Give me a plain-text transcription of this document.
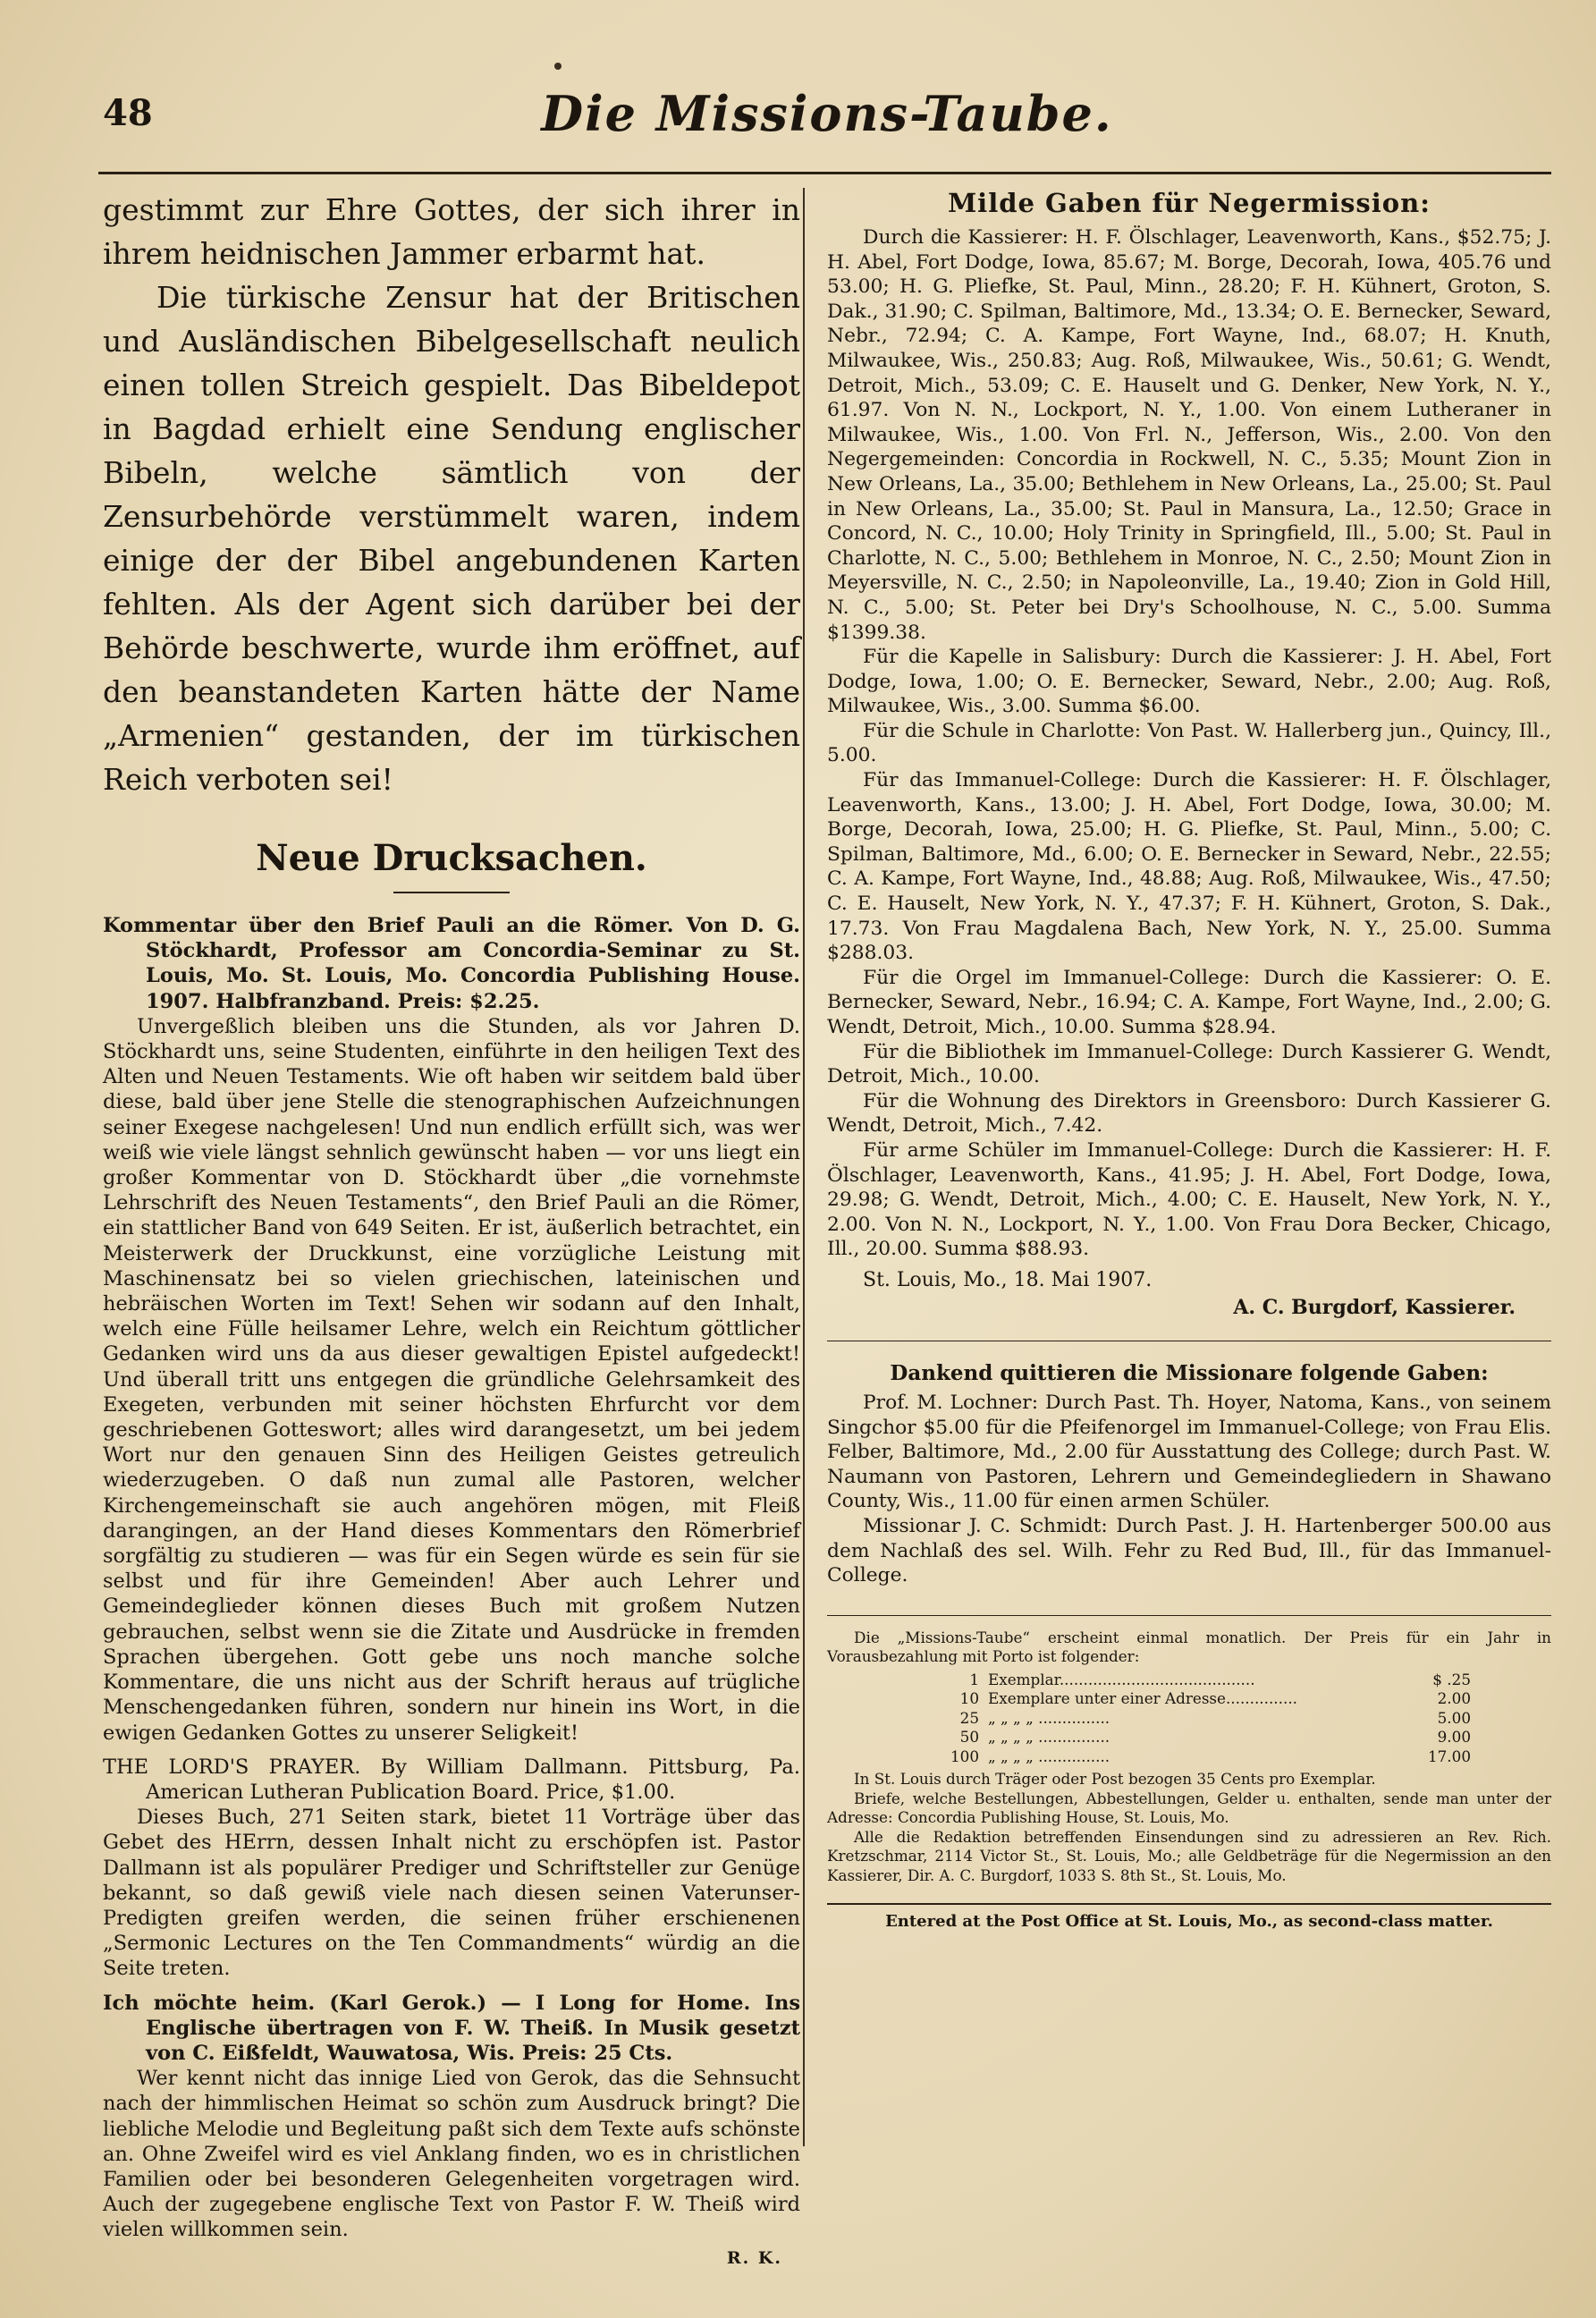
48	Die Missions-Taube.

gestimmt zur Ehre Gottes, der sich ihrer in ihrem heidnischen Jammer erbarmt hat.

Die türkische Zensur hat der Britischen und Ausländischen Bibelgesellschaft neulich einen tollen Streich gespielt. Das Bibeldepot in Bagdad erhielt eine Sendung englischer Bibeln, welche sämtlich von der Zensurbehörde verstümmelt waren, indem einige der der Bibel angebundenen Karten fehlten. Als der Agent sich darüber bei der Behörde beschwerte, wurde ihm eröffnet, auf den beanstandeten Karten hätte der Name „Armenien“ gestanden, der im türkischen Reich verboten sei!

Neue Drucksachen.

Kommentar über den Brief Pauli an die Römer. Von D. G. Stöckhardt, Professor am Concordia-Seminar zu St. Louis, Mo. St. Louis, Mo. Concordia Publishing House. 1907. Halbfranzband. Preis: $2.25.

Unvergeßlich bleiben uns die Stunden, als vor Jahren D. Stöckhardt uns, seine Studenten, einführte in den heiligen Text des Alten und Neuen Testaments. Wie oft haben wir seitdem bald über diese, bald über jene Stelle die stenographischen Aufzeichnungen seiner Exegese nachgelesen! Und nun endlich erfüllt sich, was wer weiß wie viele längst sehnlich gewünscht haben — vor uns liegt ein großer Kommentar von D. Stöckhardt über „die vornehmste Lehrschrift des Neuen Testaments“, den Brief Pauli an die Römer, ein stattlicher Band von 649 Seiten. Er ist, äußerlich betrachtet, ein Meisterwerk der Druckkunst, eine vorzügliche Leistung mit Maschinensatz bei so vielen griechischen, lateinischen und hebräischen Worten im Text! Sehen wir sodann auf den Inhalt, welch eine Fülle heilsamer Lehre, welch ein Reichtum göttlicher Gedanken wird uns da aus dieser gewaltigen Epistel aufgedeckt! Und überall tritt uns entgegen die gründliche Gelehrsamkeit des Exegeten, verbunden mit seiner höchsten Ehrfurcht vor dem geschriebenen Gotteswort; alles wird darangesetzt, um bei jedem Wort nur den genauen Sinn des Heiligen Geistes getreulich wiederzugeben. O daß nun zumal alle Pastoren, welcher Kirchengemeinschaft sie auch angehören mögen, mit Fleiß darangingen, an der Hand dieses Kommentars den Römerbrief sorgfältig zu studieren — was für ein Segen würde es sein für sie selbst und für ihre Gemeinden! Aber auch Lehrer und Gemeindeglieder können dieses Buch mit großem Nutzen gebrauchen, selbst wenn sie die Zitate und Ausdrücke in fremden Sprachen übergehen. Gott gebe uns noch manche solche Kommentare, die uns nicht aus der Schrift heraus auf trügliche Menschengedanken führen, sondern nur hinein ins Wort, in die ewigen Gedanken Gottes zu unserer Seligkeit!

THE LORD'S PRAYER. By William Dallmann. Pittsburg, Pa. American Lutheran Publication Board. Price, $1.00.

Dieses Buch, 271 Seiten stark, bietet 11 Vorträge über das Gebet des HErrn, dessen Inhalt nicht zu erschöpfen ist. Pastor Dallmann ist als populärer Prediger und Schriftsteller zur Genüge bekannt, so daß gewiß viele nach diesen seinen Vaterunser-Predigten greifen werden, die seinen früher erschienenen „Sermonic Lectures on the Ten Commandments“ würdig an die Seite treten.

Ich möchte heim. (Karl Gerok.) — I Long for Home. Ins Englische übertragen von F. W. Theiß. In Musik gesetzt von C. Eißfeldt, Wauwatosa, Wis. Preis: 25 Cts.

Wer kennt nicht das innige Lied von Gerok, das die Sehnsucht nach der himmlischen Heimat so schön zum Ausdruck bringt? Die liebliche Melodie und Begleitung paßt sich dem Texte aufs schönste an. Ohne Zweifel wird es viel Anklang finden, wo es in christlichen Familien oder bei besonderen Gelegenheiten vorgetragen wird. Auch der zugegebene englische Text von Pastor F. W. Theiß wird vielen willkommen sein.

R. K.
Milde Gaben für Negermission:

Durch die Kassierer: H. F. Ölschlager, Leavenworth, Kans., $52.75; J. H. Abel, Fort Dodge, Iowa, 85.67; M. Borge, Decorah, Iowa, 405.76 und 53.00; H. G. Pliefke, St. Paul, Minn., 28.20; F. H. Kühnert, Groton, S. Dak., 31.90; C. Spilman, Baltimore, Md., 13.34; O. E. Bernecker, Seward, Nebr., 72.94; C. A. Kampe, Fort Wayne, Ind., 68.07; H. Knuth, Milwaukee, Wis., 250.83; Aug. Roß, Milwaukee, Wis., 50.61; G. Wendt, Detroit, Mich., 53.09; C. E. Hauselt und G. Denker, New York, N. Y., 61.97. Von N. N., Lockport, N. Y., 1.00. Von einem Lutheraner in Milwaukee, Wis., 1.00. Von Frl. N., Jefferson, Wis., 2.00. Von den Negergemeinden: Concordia in Rockwell, N. C., 5.35; Mount Zion in New Orleans, La., 35.00; Bethlehem in New Orleans, La., 25.00; St. Paul in New Orleans, La., 35.00; St. Paul in Mansura, La., 12.50; Grace in Concord, N. C., 10.00; Holy Trinity in Springfield, Ill., 5.00; St. Paul in Charlotte, N. C., 5.00; Bethlehem in Monroe, N. C., 2.50; Mount Zion in Meyersville, N. C., 2.50; in Napoleonville, La., 19.40; Zion in Gold Hill, N. C., 5.00; St. Peter bei Dry's Schoolhouse, N. C., 5.00. Summa $1399.38.

Für die Kapelle in Salisbury: Durch die Kassierer: J. H. Abel, Fort Dodge, Iowa, 1.00; O. E. Bernecker, Seward, Nebr., 2.00; Aug. Roß, Milwaukee, Wis., 3.00. Summa $6.00.

Für die Schule in Charlotte: Von Past. W. Hallerberg jun., Quincy, Ill., 5.00.

Für das Immanuel-College: Durch die Kassierer: H. F. Ölschlager, Leavenworth, Kans., 13.00; J. H. Abel, Fort Dodge, Iowa, 30.00; M. Borge, Decorah, Iowa, 25.00; H. G. Pliefke, St. Paul, Minn., 5.00; C. Spilman, Baltimore, Md., 6.00; O. E. Bernecker in Seward, Nebr., 22.55; C. A. Kampe, Fort Wayne, Ind., 48.88; Aug. Roß, Milwaukee, Wis., 47.50; C. E. Hauselt, New York, N. Y., 47.37; F. H. Kühnert, Groton, S. Dak., 17.73. Von Frau Magdalena Bach, New York, N. Y., 25.00. Summa $288.03.

Für die Orgel im Immanuel-College: Durch die Kassierer: O. E. Bernecker, Seward, Nebr., 16.94; C. A. Kampe, Fort Wayne, Ind., 2.00; G. Wendt, Detroit, Mich., 10.00. Summa $28.94.

Für die Bibliothek im Immanuel-College: Durch Kassierer G. Wendt, Detroit, Mich., 10.00.

Für die Wohnung des Direktors in Greensboro: Durch Kassierer G. Wendt, Detroit, Mich., 7.42.

Für arme Schüler im Immanuel-College: Durch die Kassierer: H. F. Ölschlager, Leavenworth, Kans., 41.95; J. H. Abel, Fort Dodge, Iowa, 29.98; G. Wendt, Detroit, Mich., 4.00; C. E. Hauselt, New York, N. Y., 2.00. Von N. N., Lockport, N. Y., 1.00. Von Frau Dora Becker, Chicago, Ill., 20.00. Summa $88.93.

St. Louis, Mo., 18. Mai 1907.
A. C. Burgdorf, Kassierer.
Dankend quittieren die Missionare folgende Gaben:

Prof. M. Lochner: Durch Past. Th. Hoyer, Natoma, Kans., von seinem Singchor $5.00 für die Pfeifenorgel im Immanuel-College; von Frau Elis. Felber, Baltimore, Md., 2.00 für Ausstattung des College; durch Past. W. Naumann von Pastoren, Lehrern und Gemeindegliedern in Shawano County, Wis., 11.00 für einen armen Schüler.

Missionar J. C. Schmidt: Durch Past. J. H. Hartenberger 500.00 aus dem Nachlaß des sel. Wilh. Fehr zu Red Bud, Ill., für das Immanuel-College.

Die „Missions-Taube“ erscheint einmal monatlich. Der Preis für ein Jahr in Vorausbezahlung mit Porto ist folgender:

1 Exemplar.........................................	$ .25
10 Exemplare unter einer Adresse...............	2.00
25 „ „ „ „ ...............	5.00
50 „ „ „ „ ...............	9.00
100 „ „ „ „ ...............	17.00

In St. Louis durch Träger oder Post bezogen 35 Cents pro Exemplar.

Briefe, welche Bestellungen, Abbestellungen, Gelder u. enthalten, sende man unter der Adresse: Concordia Publishing House, St. Louis, Mo.

Alle die Redaktion betreffenden Einsendungen sind zu adressieren an Rev. Rich. Kretzschmar, 2114 Victor St., St. Louis, Mo.; alle Geldbeträge für die Negermission an den Kassierer, Dir. A. C. Burgdorf, 1033 S. 8th St., St. Louis, Mo.

Entered at the Post Office at St. Louis, Mo., as second-class matter.
